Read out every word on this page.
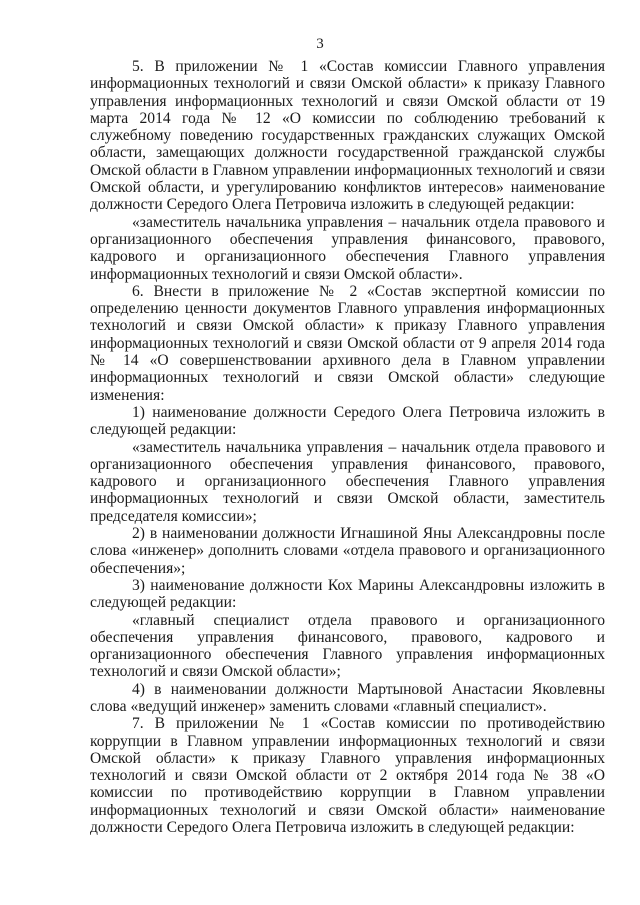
3

5. В приложении № 1 «Состав комиссии Главного управления информационных технологий и связи Омской области» к приказу Главного управления информационных технологий и связи Омской области от 19 марта 2014 года № 12 «О комиссии по соблюдению требований к служебному поведению государственных гражданских служащих Омской области, замещающих должности государственной гражданской службы Омской области в Главном управлении информационных технологий и связи Омской области, и урегулированию конфликтов интересов» наименование должности Середого Олега Петровича изложить в следующей редакции:

«заместитель начальника управления – начальник отдела правового и организационного обеспечения управления финансового, правового, кадрового и организационного обеспечения Главного управления информационных технологий и связи Омской области».

6. Внести в приложение № 2 «Состав экспертной комиссии по определению ценности документов Главного управления информационных технологий и связи Омской области» к приказу Главного управления информационных технологий и связи Омской области от 9 апреля 2014 года № 14 «О совершенствовании архивного дела в Главном управлении информационных технологий и связи Омской области» следующие изменения:

1) наименование должности Середого Олега Петровича изложить в следующей редакции:

«заместитель начальника управления – начальник отдела правового и организационного обеспечения управления финансового, правового, кадрового и организационного обеспечения Главного управления информационных технологий и связи Омской области, заместитель председателя комиссии»;

2) в наименовании должности Игнашиной Яны Александровны после слова «инженер» дополнить словами «отдела правового и организационного обеспечения»;

3) наименование должности Кох Марины Александровны изложить в следующей редакции:

«главный специалист отдела правового и организационного обеспечения управления финансового, правового, кадрового и организационного обеспечения Главного управления информационных технологий и связи Омской области»;

4) в наименовании должности Мартыновой Анастасии Яковлевны слова «ведущий инженер» заменить словами «главный специалист».

7. В приложении № 1 «Состав комиссии по противодействию коррупции в Главном управлении информационных технологий и связи Омской области» к приказу Главного управления информационных технологий и связи Омской области от 2 октября 2014 года № 38 «О комиссии по противодействию коррупции в Главном управлении информационных технологий и связи Омской области» наименование должности Середого Олега Петровича изложить в следующей редакции:
